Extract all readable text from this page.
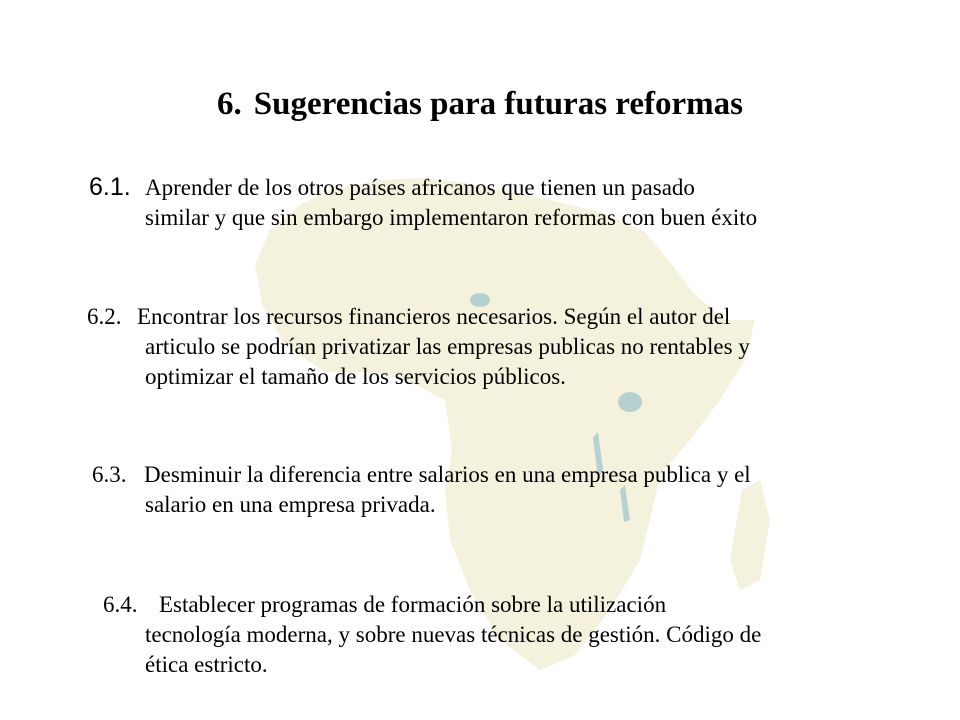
6. Sugerencias para futuras reformas
6.1. Aprender de los otros países africanos que tienen un pasado
similar y que sin embargo implementaron reformas con buen éxito
6.2. Encontrar los recursos financieros necesarios. Según el autor del
articulo se podrían privatizar las empresas publicas no rentables y
optimizar el tamaño de los servicios públicos.
6.3. Desminuir la diferencia entre salarios en una empresa publica y el
salario en una empresa privada.
6.4. Establecer programas de formación sobre la utilización
tecnología moderna, y sobre nuevas técnicas de gestión. Código de
ética estricto.
